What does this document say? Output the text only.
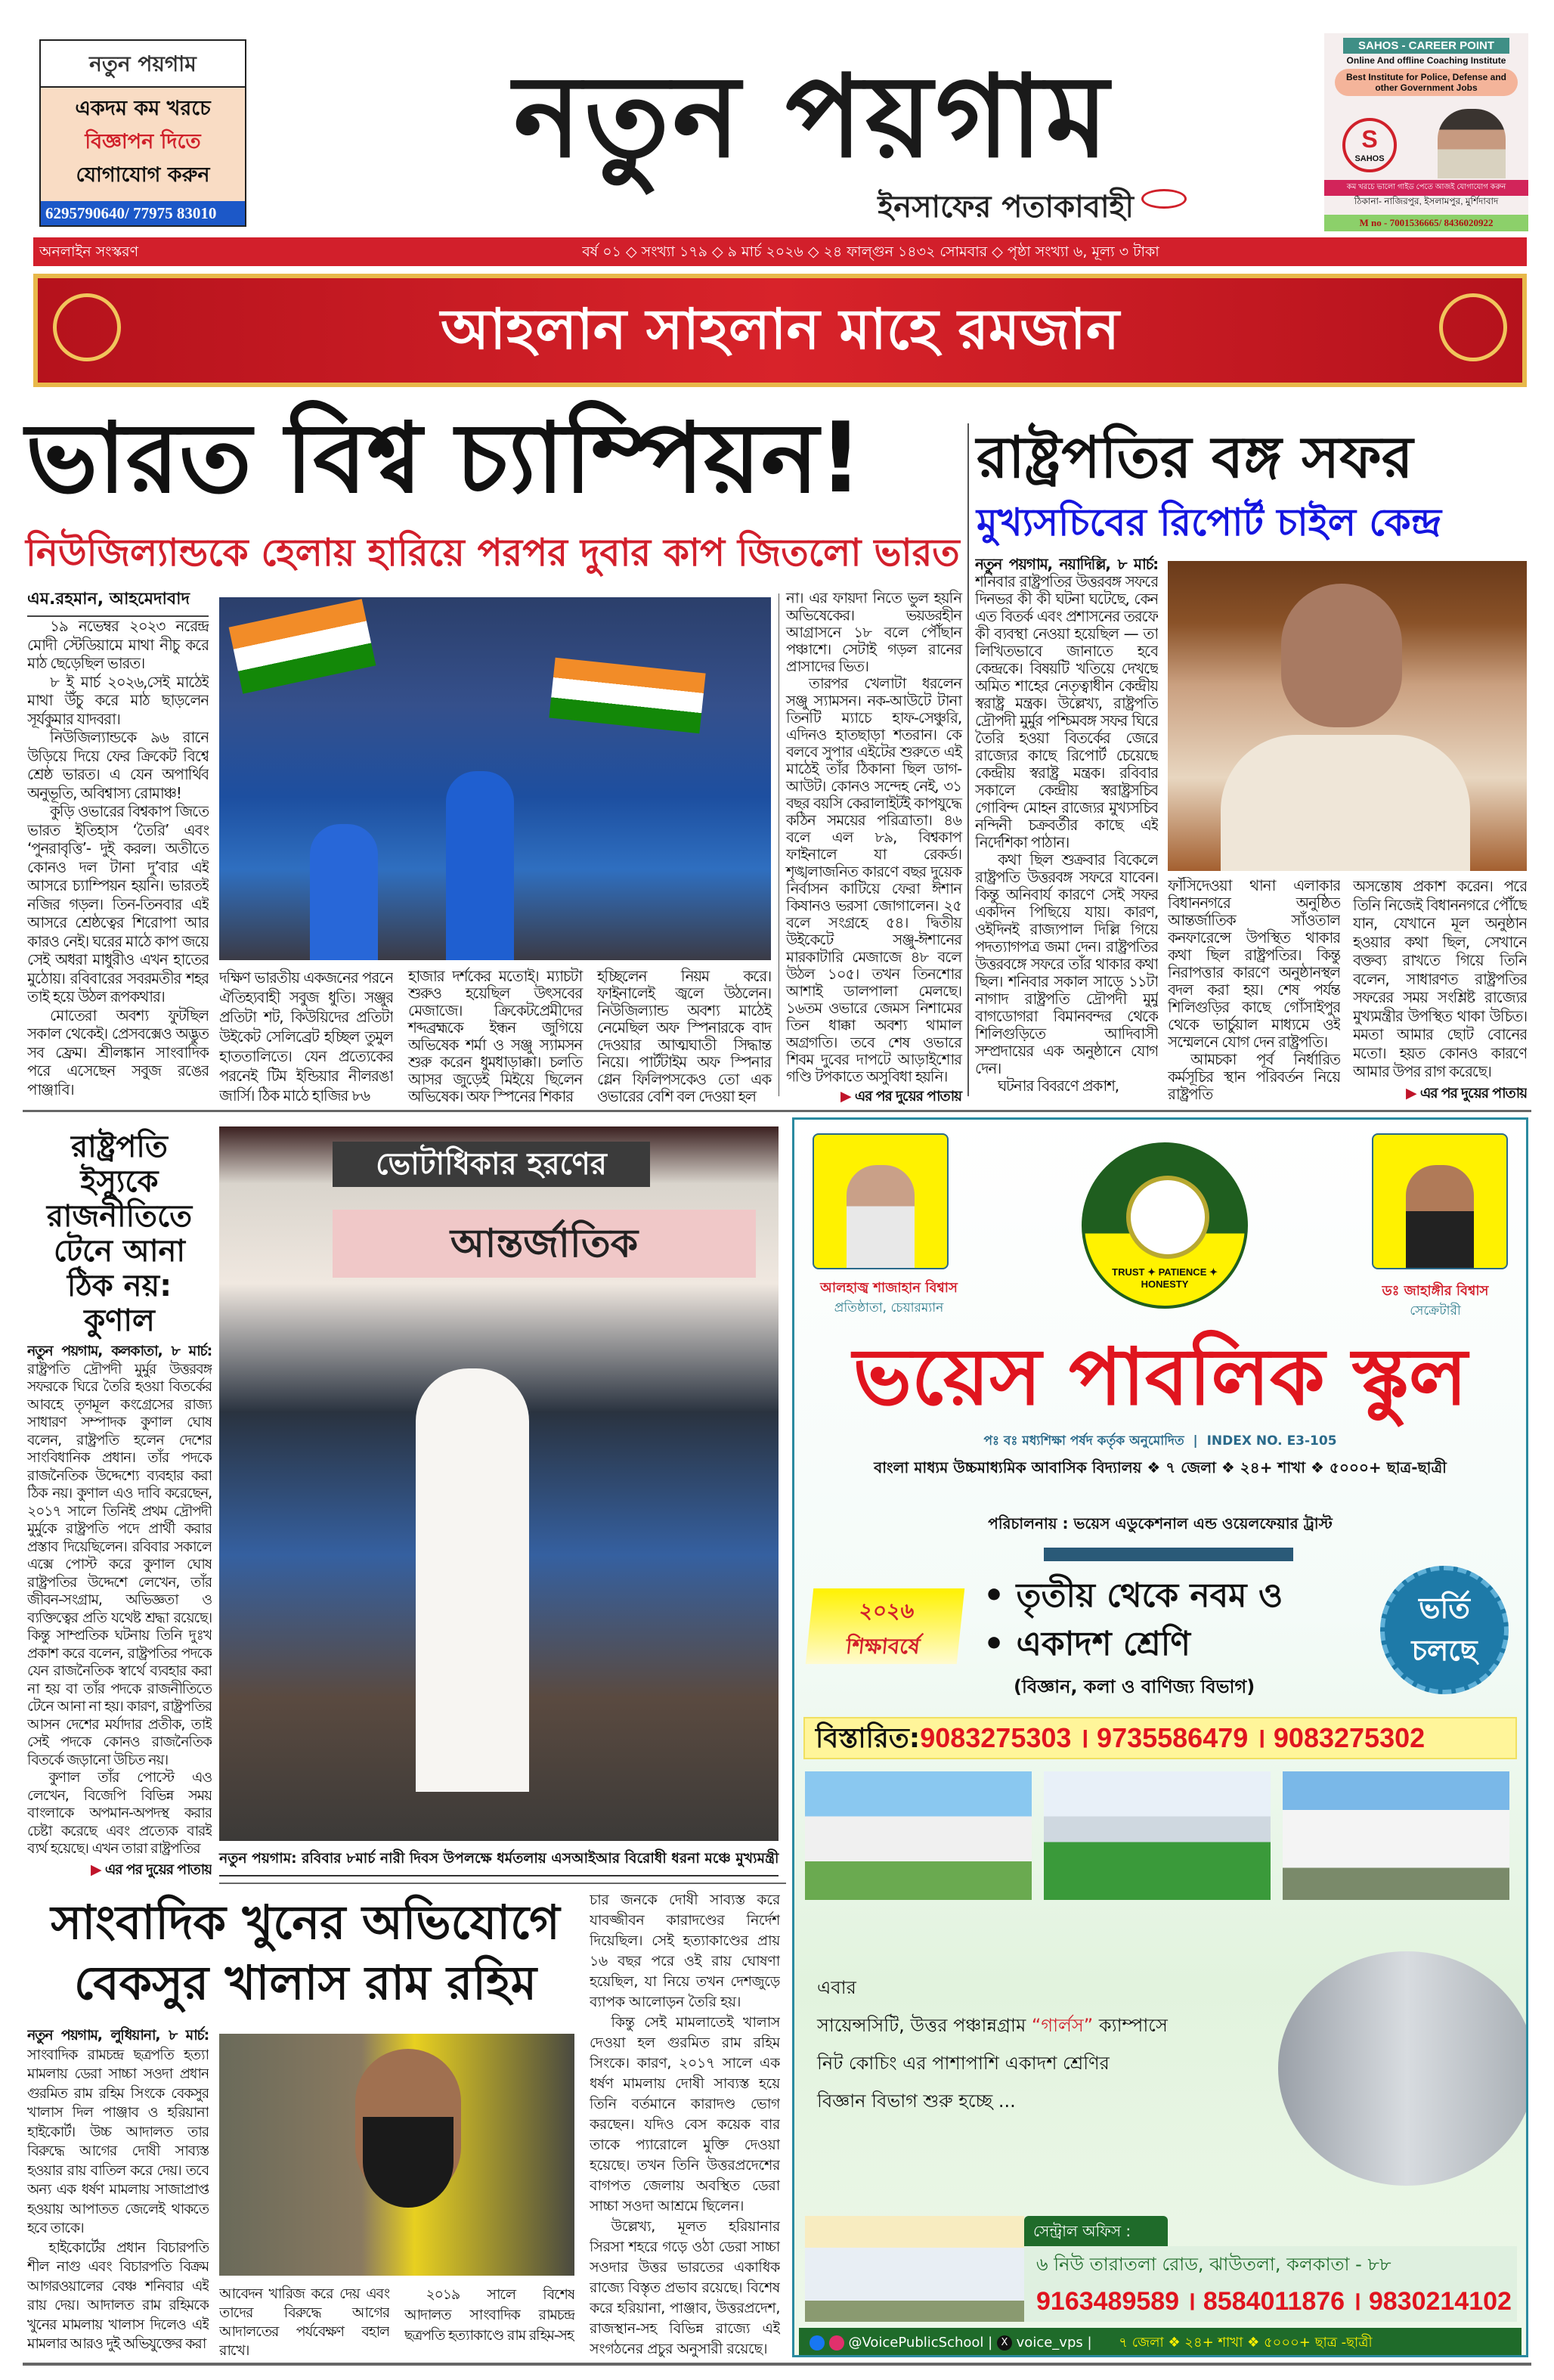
নতুন পয়গাম
একদম কম খরচে
বিজ্ঞাপন দিতে
যোগাযোগ করুন
6295790640/ 77975 83010
নতুন পয়গাম
ইনসাফের পতাকাবাহী
SAHOS - CAREER POINT
Online And offline Coaching Institute
Best Institute for Police, Defense and other Government Jobs
S
SAHOS
কম খরচে ভালো গাইড পেতে আজই যোগাযোগ করুন
ঠিকানা- নাজিরপুর, ইসলামপুর, মুর্শিদাবাদ
M no - 7001536665/ 8436020922
অনলাইন সংস্করণ	বর্ষ ০১ ◇ সংখ্যা ১৭৯ ◇ ৯ মার্চ ২০২৬ ◇ ২৪ ফাল্গুন ১৪৩২ সোমবার ◇ পৃষ্ঠা সংখ্যা ৬, মূল্য ৩ টাকা
আহলান সাহলান মাহে রমজান
ভারত বিশ্ব চ্যাম্পিয়ন!
নিউজিল্যান্ডকে হেলায় হারিয়ে পরপর দুবার কাপ জিতলো ভারত
এম.রহমান, আহমেদাবাদ

১৯ নভেম্বর ২০২৩ নরেন্দ্র মোদী স্টেডিয়ামে মাথা নীচু করে মাঠ ছেড়েছিল ভারত।

৮ ই মার্চ ২০২৬,সেই মাঠেই মাথা উঁচু করে মাঠ ছাড়লেন সূর্যকুমার যাদবরা।

নিউজিল্যান্ডকে ৯৬ রানে উড়িয়ে দিয়ে ফের ক্রিকেট বিশ্বে শ্রেষ্ঠ ভারত। এ যেন অপার্থিব অনুভূতি, অবিশ্বাস্য রোমাঞ্চ!

কুড়ি ওভারের বিশ্বকাপ জিতে ভারত ইতিহাস ‘তৈরি’ এবং ‘পুনরাবৃত্তি’- দুই করল। অতীতে কোনও দল টানা দু’বার এই আসরে চ্যাম্পিয়ন হয়নি। ভারতই নজির গড়ল। তিন-তিনবার এই আসরে শ্রেষ্ঠত্বের শিরোপা আর কারও নেই। ঘরের মাঠে কাপ জয়ে সেই অধরা মাধুরীও এখন হাতের মুঠোয়। রবিবারের সবরমতীর শহর তাই হয়ে উঠল রূপকথার।

মোতেরা অবশ্য ফুটছিল সকাল থেকেই। প্রেসবক্সেও অদ্ভুত সব ফ্রেম। শ্রীলঙ্কান সাংবাদিক পরে এসেছেন সবুজ রঙের পাঞ্জাবি।

দক্ষিণ ভারতীয় একজনের পরনে ঐতিহ্যবাহী সবুজ ধুতি। সঞ্জুর প্রতিটা শট, কিউয়িদের প্রতিটা উইকেট সেলিব্রেট হচ্ছিল তুমুল হাততালিতে। যেন প্রত্যেকের পরনেই টিম ইন্ডিয়ার নীলরঙা জার্সি। ঠিক মাঠে হাজির ৮৬

হাজার দর্শকের মতোই। ম্যাচটা শুরুও হয়েছিল উৎসবের মেজাজে। ক্রিকেটপ্রেমীদের শব্দব্রহ্মকে ইন্ধন জুগিয়ে অভিষেক শর্মা ও সঞ্জু স্যামসন শুরু করেন ধুমধাড়াক্কা। চলতি আসর জুড়েই মিইয়ে ছিলেন অভিষেক। অফ স্পিনের শিকার

হচ্ছিলেন নিয়ম করে। ফাইনালেই জ্বলে উঠলেন। নিউজিল্যান্ড অবশ্য মাঠেই নেমেছিল অফ স্পিনারকে বাদ দেওয়ার আত্মঘাতী সিদ্ধান্ত নিয়ে। পার্টটাইম অফ স্পিনার গ্লেন ফিলিপসকেও তো এক ওভারের বেশি বল দেওয়া হল

না। এর ফায়দা নিতে ভুল হয়নি অভিষেকের। ভয়ডরহীন আগ্রাসনে ১৮ বলে পৌঁছান পঞ্চাশে। সেটাই গড়ল রানের প্রাসাদের ভিত।

তারপর খেলাটা ধরলেন সঞ্জু স্যামসন। নক-আউটে টানা তিনটি ম্যাচে হাফ-সেঞ্চুরি, এদিনও হাতছাড়া শতরান। কে বলবে সুপার এইটের শুরুতে এই মাঠেই তাঁর ঠিকানা ছিল ডাগ-আউট। কোনও সন্দেহ নেই, ৩১ বছর বয়সি কেরালাইটই কাপযুদ্ধে কঠিন সময়ের পরিত্রাতা। ৪৬ বলে এল ৮৯, বিশ্বকাপ ফাইনালে যা রেকর্ড। শৃঙ্খলাজনিত কারণে বছর দুয়েক নির্বাসন কাটিয়ে ফেরা ঈশান কিষানও ভরসা জোগালেন। ২৫ বলে সংগ্রহে ৫৪। দ্বিতীয় উইকেটে সঞ্জু-ঈশানের মারকাটারি মেজাজে ৪৮ বলে উঠল ১০৫। তখন তিনশোর আশাই ডালপালা মেলছে। ১৬তম ওভারে জেমস নিশামের তিন ধাক্কা অবশ্য থামাল অগ্রগতি। তবে শেষ ওভারে শিবম দুবের দাপটে আড়াইশোর গণ্ডি টপকাতে অসুবিধা হয়নি।

▶ এর পর দুয়ের পাতায়
রাষ্ট্রপতির বঙ্গ সফর
মুখ্যসচিবের রিপোর্ট চাইল কেন্দ্র

নতুন পয়গাম, নয়াদিল্লি, ৮ মার্চ: শনিবার রাষ্ট্রপতির উত্তরবঙ্গ সফরে দিনভর কী কী ঘটনা ঘটেছে, কেন এত বিতর্ক এবং প্রশাসনের তরফে কী ব্যবস্থা নেওয়া হয়েছিল — তা লিখিতভাবে জানাতে হবে কেন্দ্রকে। বিষয়টি খতিয়ে দেখছে অমিত শাহের নেতৃত্বাধীন কেন্দ্রীয় স্বরাষ্ট্র মন্ত্রক। উল্লেখ্য, রাষ্ট্রপতি দ্রৌপদী মুর্মুর পশ্চিমবঙ্গ সফর ঘিরে তৈরি হওয়া বিতর্কের জেরে রাজ্যের কাছে রিপোর্ট চেয়েছে কেন্দ্রীয় স্বরাষ্ট্র মন্ত্রক। রবিবার সকালে কেন্দ্রীয় স্বরাষ্ট্রসচিব গোবিন্দ মোহন রাজ্যের মুখ্যসচিব নন্দিনী চক্রবর্তীর কাছে এই নির্দেশিকা পাঠান।

কথা ছিল শুক্রবার বিকেলে রাষ্ট্রপতি উত্তরবঙ্গ সফরে যাবেন। কিন্তু অনিবার্য কারণে সেই সফর একদিন পিছিয়ে যায়। কারণ, ওইদিনই রাজ্যপাল দিল্লি গিয়ে পদত্যাগপত্র জমা দেন। রাষ্ট্রপতির উত্তরবঙ্গে সফরে তাঁর থাকার কথা ছিল। শনিবার সকাল সাড়ে ১১টা নাগাদ রাষ্ট্রপতি দ্রৌপদী মুর্মু বাগডোগরা বিমানবন্দর থেকে শিলিগুড়িতে আদিবাসী সম্প্রদায়ের এক অনুষ্ঠানে যোগ দেন।

ঘটনার বিবরণে প্রকাশ,

ফাঁসিদেওয়া থানা এলাকার বিধাননগরে অনুষ্ঠিত আন্তর্জাতিক সাঁওতাল কনফারেন্সে উপস্থিত থাকার কথা ছিল রাষ্ট্রপতির। কিন্তু নিরাপত্তার কারণে অনুষ্ঠানস্থল বদল করা হয়। শেষ পর্যন্ত শিলিগুড়ির কাছে গোঁসাইপুর থেকে ভার্চুয়াল মাধ্যমে ওই সম্মেলনে যোগ দেন রাষ্ট্রপতি।

আমচকা পূর্ব নির্ধারিত কর্মসূচির স্থান পরিবর্তন নিয়ে রাষ্ট্রপতি

অসন্তোষ প্রকাশ করেন। পরে তিনি নিজেই বিধাননগরে পৌঁছে যান, যেখানে মূল অনুষ্ঠান হওয়ার কথা ছিল, সেখানে বক্তব্য রাখতে গিয়ে তিনি বলেন, সাধারণত রাষ্ট্রপতির সফরের সময় সংশ্লিষ্ট রাজ্যের মুখ্যমন্ত্রীর উপস্থিত থাকা উচিত। মমতা আমার ছোট বোনের মতো। হয়ত কোনও কারণে আমার উপর রাগ করেছে।

▶ এর পর দুয়ের পাতায়
রাষ্ট্রপতি ইস্যুকে রাজনীতিতে টেনে আনা ঠিক নয়: কুণাল

নতুন পয়গাম, কলকাতা, ৮ মার্চ: রাষ্ট্রপতি দ্রৌপদী মুর্মুর উত্তরবঙ্গ সফরকে ঘিরে তৈরি হওয়া বিতর্কের আবহে তৃণমূল কংগ্রেসের রাজ্য সাধারণ সম্পাদক কুণাল ঘোষ বলেন, রাষ্ট্রপতি হলেন দেশের সাংবিধানিক প্রধান। তাঁর পদকে রাজনৈতিক উদ্দেশ্যে ব্যবহার করা ঠিক নয়। কুণাল এও দাবি করেছেন, ২০১৭ সালে তিনিই প্রথম দ্রৌপদী মুর্মুকে রাষ্ট্রপতি পদে প্রার্থী করার প্রস্তাব দিয়েছিলেন। রবিবার সকালে এক্সে পোস্ট করে কুণাল ঘোষ রাষ্ট্রপতির উদ্দেশে লেখেন, তাঁর জীবন-সংগ্রাম, অভিজ্ঞতা ও ব্যক্তিত্বের প্রতি যথেষ্ট শ্রদ্ধা রয়েছে। কিন্তু সাম্প্রতিক ঘটনায় তিনি দুঃখ প্রকাশ করে বলেন, রাষ্ট্রপতির পদকে যেন রাজনৈতিক স্বার্থে ব্যবহার করা না হয় বা তাঁর পদকে রাজনীতিতে টেনে আনা না হয়। কারণ, রাষ্ট্রপতির আসন দেশের মর্যাদার প্রতীক, তাই সেই পদকে কোনও রাজনৈতিক বিতর্কে জড়ানো উচিত নয়।

কুণাল তাঁর পোস্টে এও লেখেন, বিজেপি বিভিন্ন সময় বাংলাকে অপমান-অপদস্থ করার চেষ্টা করেছে এবং প্রত্যেক বারই ব্যর্থ হয়েছে। এখন তারা রাষ্ট্রপতির

▶ এর পর দুয়ের পাতায়
ভোটাধিকার হরণের
আন্তর্জাতিক
নতুন পয়গাম: রবিবার ৮মার্চ নারী দিবস উপলক্ষে ধর্মতলায় এসআইআর বিরোধী ধরনা মঞ্চে মুখ্যমন্ত্রী
সাংবাদিক খুনের অভিযোগে
বেকসুর খালাস রাম রহিম

নতুন পয়গাম, লুধিয়ানা, ৮ মার্চ: সাংবাদিক রামচন্দ্র ছত্রপতি হত্যা মামলায় ডেরা সাচ্চা সওদা প্রধান গুরমিত রাম রহিম সিংকে বেকসুর খালাস দিল পাঞ্জাব ও হরিয়ানা হাইকোর্ট। উচ্চ আদালত তার বিরুদ্ধে আগের দোষী সাব্যস্ত হওয়ার রায় বাতিল করে দেয়। তবে অন্য এক ধর্ষণ মামলায় সাজাপ্রাপ্ত হওয়ায় আপাতত জেলেই থাকতে হবে তাকে।

হাইকোর্টের প্রধান বিচারপতি শীল নাগু এবং বিচারপতি বিক্রম আগরওয়ালের বেঞ্চ শনিবার এই রায় দেয়। আদালত রাম রহিমকে খুনের মামলায় খালাস দিলেও এই মামলার আরও দুই অভিযুক্তের করা

আবেদন খারিজ করে দেয় এবং তাদের বিরুদ্ধে আগের আদালতের পর্যবেক্ষণ বহাল রাখে।

২০১৯ সালে বিশেষ আদালত সাংবাদিক রামচন্দ্র ছত্রপতি হত্যাকাণ্ডে রাম রহিম-সহ

চার জনকে দোষী সাব্যস্ত করে যাবজ্জীবন কারাদণ্ডের নির্দেশ দিয়েছিল। সেই হত্যাকাণ্ডের প্রায় ১৬ বছর পরে ওই রায় ঘোষণা হয়েছিল, যা নিয়ে তখন দেশজুড়ে ব্যাপক আলোড়ন তৈরি হয়।

কিন্তু সেই মামলাতেই খালাস দেওয়া হল গুরমিত রাম রহিম সিংকে। কারণ, ২০১৭ সালে এক ধর্ষণ মামলায় দোষী সাব্যস্ত হয়ে তিনি বর্তমানে কারাদণ্ড ভোগ করছেন। যদিও বেস কয়েক বার তাকে প্যারোলে মুক্তি দেওয়া হয়েছে। তখন তিনি উত্তরপ্রদেশের বাগপত জেলায় অবস্থিত ডেরা সাচ্চা সওদা আশ্রমে ছিলেন।

উল্লেখ্য, মূলত হরিয়ানার সিরসা শহরে গড়ে ওঠা ডেরা সাচ্চা সওদার উত্তর ভারতের একাধিক রাজ্যে বিস্তৃত প্রভাব রয়েছে। বিশেষ করে হরিয়ানা, পাঞ্জাব, উত্তরপ্রদেশ, রাজস্থান-সহ বিভিন্ন রাজ্যে এই সংগঠনের প্রচুর অনুসারী রয়েছে।

আলহাজ্ব শাজাহান বিশ্বাস
প্রতিষ্ঠাতা, চেয়ারম্যান
TRUST ✦ PATIENCE ✦ HONESTY	ডঃ জাহাঙ্গীর বিশ্বাস
সেক্রেটারী
ভয়েস পাবলিক স্কুল
পঃ বঃ মধ্যশিক্ষা পর্ষদ কর্তৃক অনুমোদিত  |  INDEX NO. E3-105
বাংলা মাধ্যম উচ্চমাধ্যমিক আবাসিক বিদ্যালয় ❖ ৭ জেলা ❖ ২৪+ শাখা ❖ ৫০০০+ ছাত্র-ছাত্রী
পরিচালনায় : ভয়েস এডুকেশনাল এন্ড ওয়েলফেয়ার ট্রাস্ট
২০২৬
শিক্ষাবর্ষে
• তৃতীয় থেকে নবম ও
• একাদশ শ্রেণি
(বিজ্ঞান, কলা ও বাণিজ্য বিভাগ)
ভর্তি
চলছে
বিস্তারিত:9083275303 । 9735586479 । 9083275302
এবার
সায়েন্সসিটি, উত্তর পঞ্চান্নগ্রাম “গার্লস” ক্যাম্পাসে
নিট কোচিং এর পাশাপাশি একাদশ শ্রেণির
বিজ্ঞান বিভাগ শুরু হচ্ছে ...
সেন্ট্রাল অফিস :
৬ নিউ তারাতলা রোড, ঝাউতলা, কলকাতা - ৮৮
9163489589 । 8584011876 । 9830214102
@VoicePublicSchool | X voice_vps | ৭ জেলা ❖ ২৪+ শাখা ❖ ৫০০০+ ছাত্র -ছাত্রী
